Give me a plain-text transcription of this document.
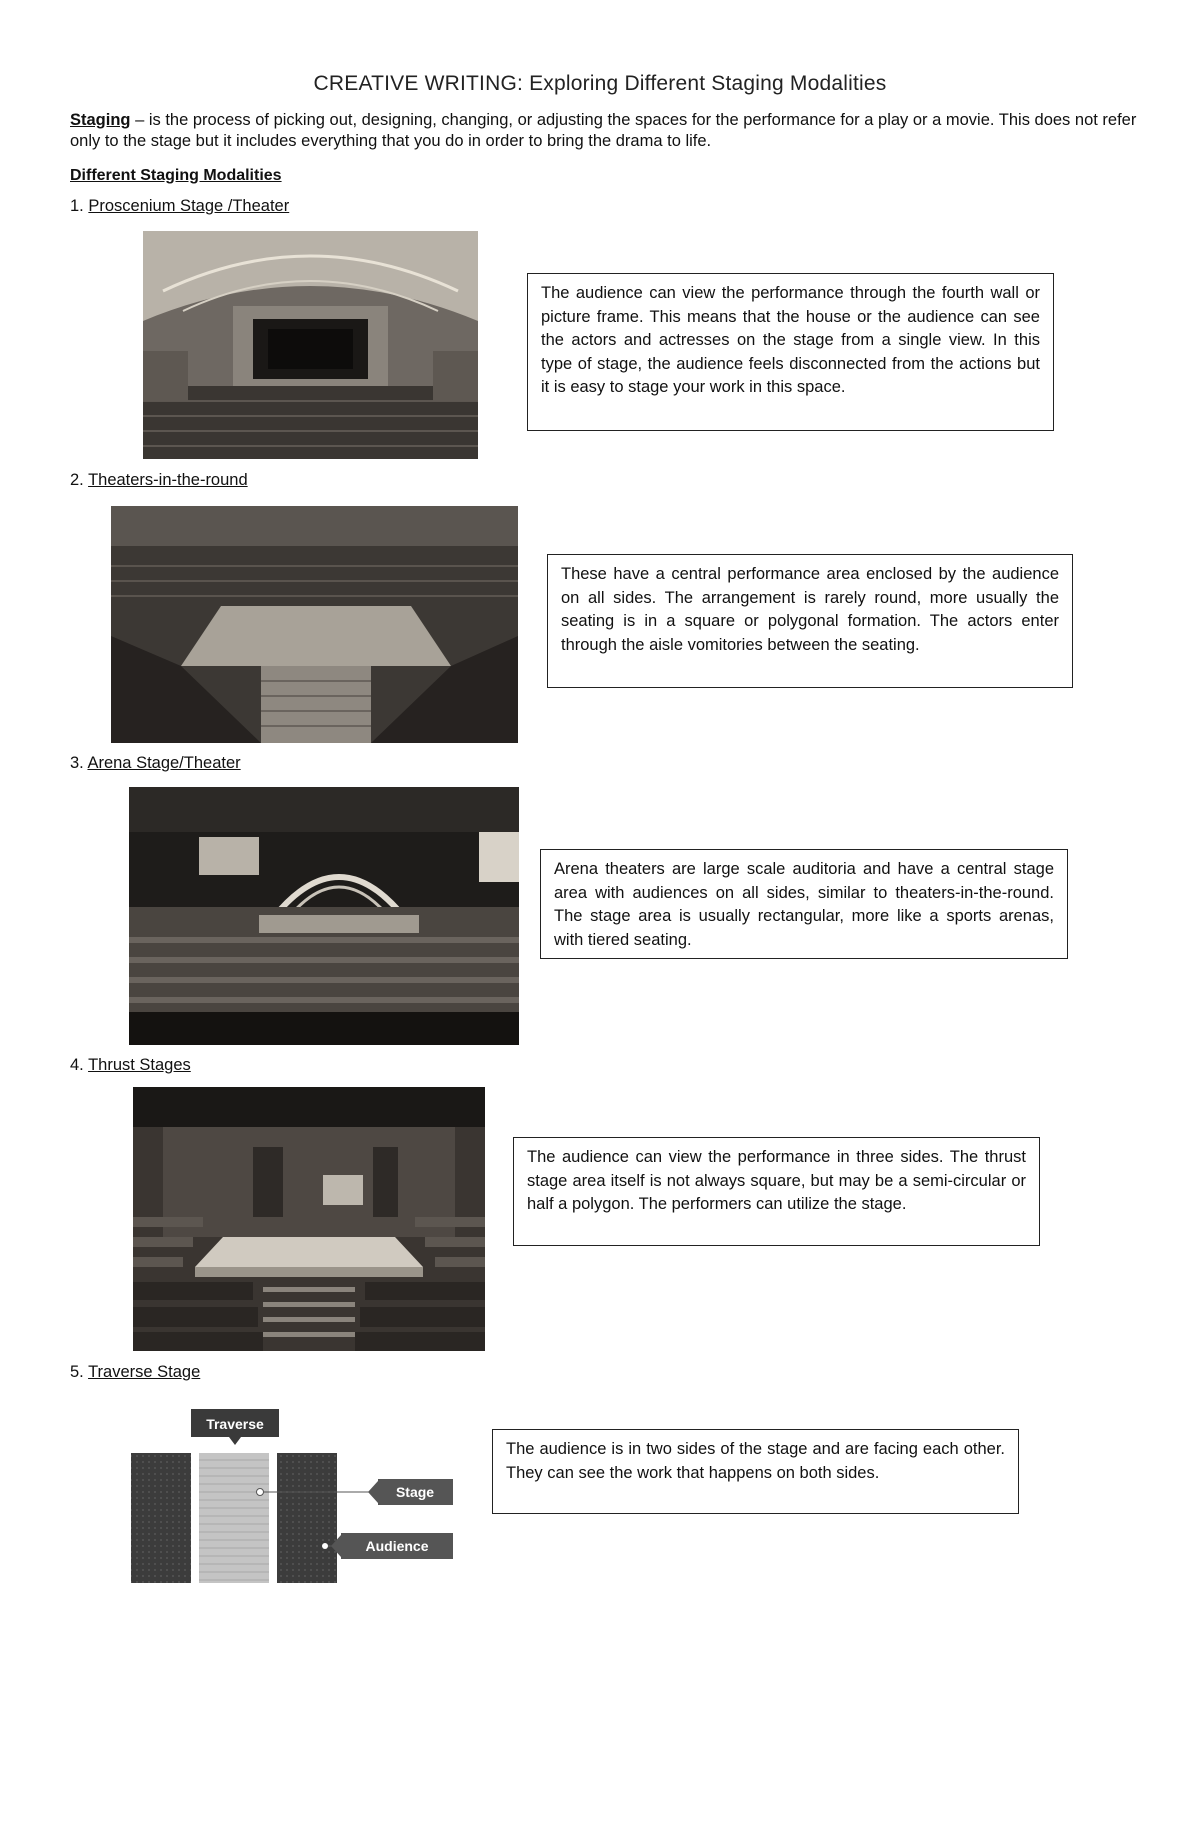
CREATIVE WRITING: Exploring Different Staging Modalities
Staging – is the process of picking out, designing, changing, or adjusting the spaces for the performance for a play or a movie. This does not refer only to the stage but it includes everything that you do in order to bring the drama to life.
Different Staging Modalities
1. Proscenium Stage /Theater
The audience can view the performance through the fourth wall or picture frame. This means that the house or the audience can see the actors and actresses on the stage from a single view. In this type of stage, the audience feels disconnected from the actions but it is easy to stage your work in this space.
2. Theaters-in-the-round
These have a central performance area enclosed by the audience on all sides. The arrangement is rarely round, more usually the seating is in a square or polygonal formation. The actors enter through the aisle vomitories between the seating.
3. Arena Stage/Theater
Arena theaters are large scale auditoria and have a central stage area with audiences on all sides, similar to theaters-in-the-round. The stage area is usually rectangular, more like a sports arenas, with tiered seating.
4. Thrust Stages
The audience can view the performance in three sides. The thrust stage area itself is not always square, but may be a semi-circular or half a polygon. The performers can utilize the stage.
5. Traverse Stage
Traverse
Stage
Audience
The audience is in two sides of the stage and are facing each other. They can see the work that happens on both sides.
